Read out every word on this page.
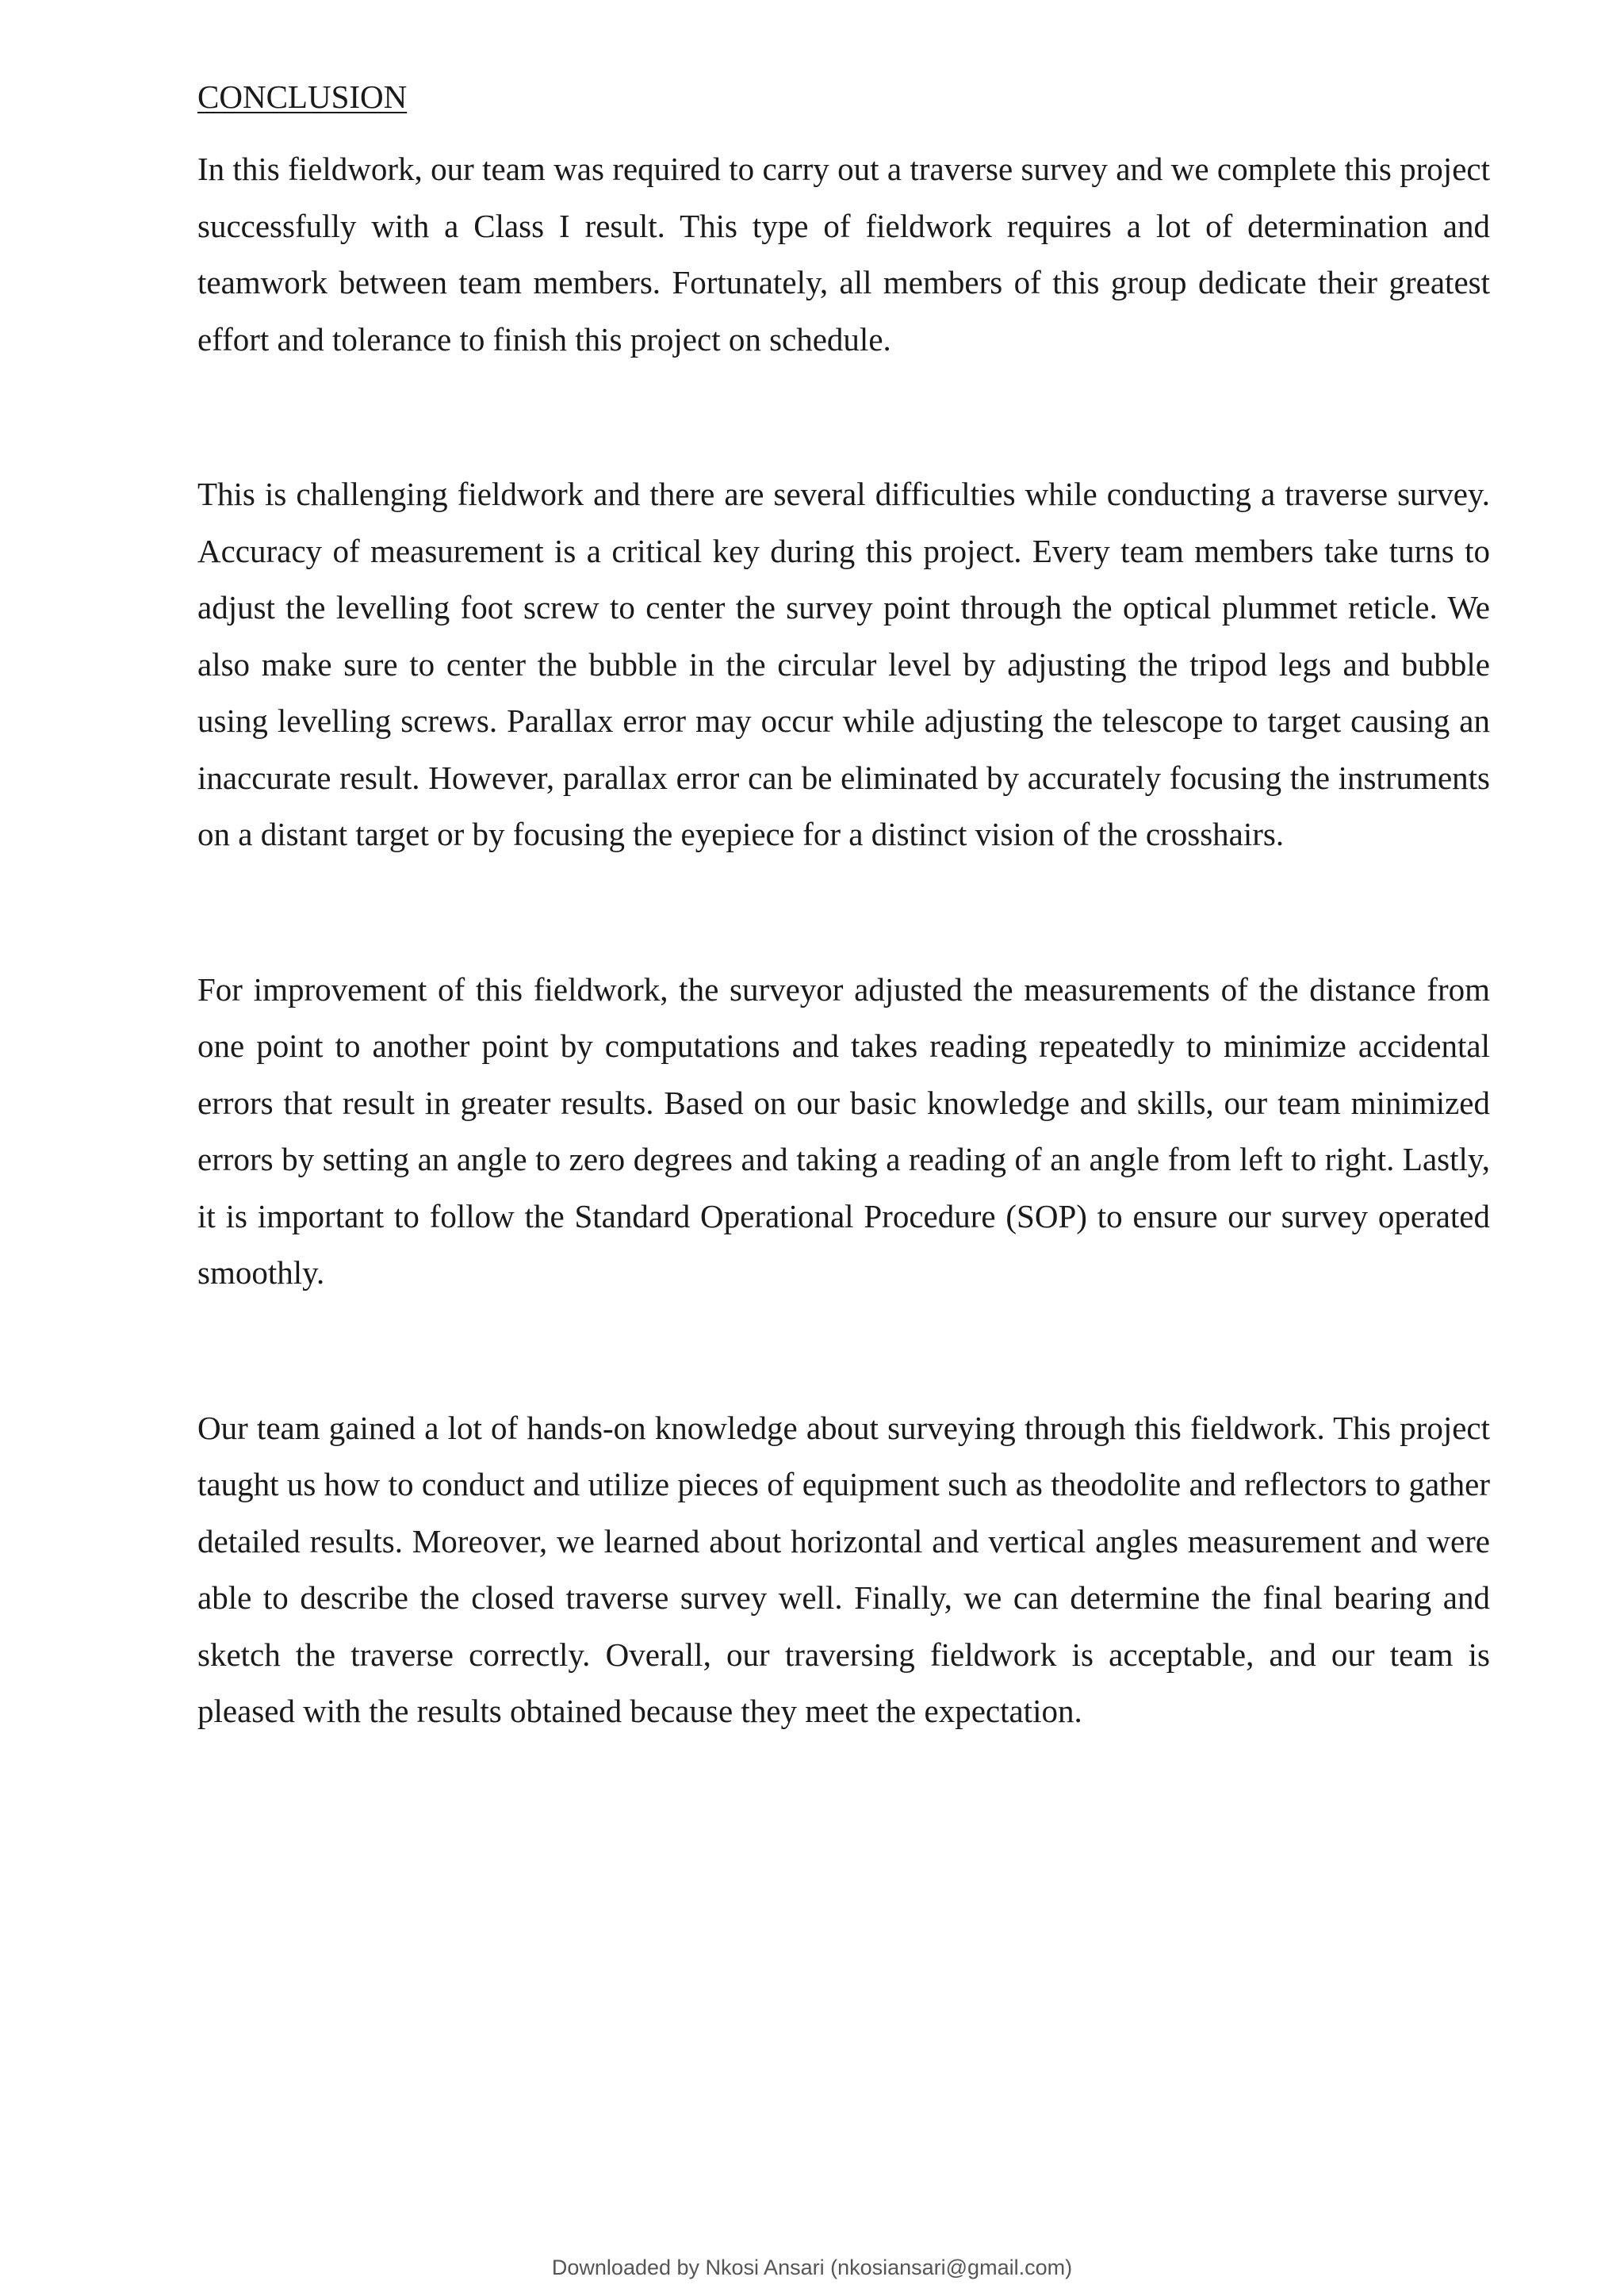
CONCLUSION

In this fieldwork, our team was required to carry out a traverse survey and we complete this project successfully with a Class I result. This type of fieldwork requires a lot of determination and teamwork between team members. Fortunately, all members of this group dedicate their greatest effort and tolerance to finish this project on schedule.

This is challenging fieldwork and there are several difficulties while conducting a traverse survey. Accuracy of measurement is a critical key during this project. Every team members take turns to adjust the levelling foot screw to center the survey point through the optical plummet reticle. We also make sure to center the bubble in the circular level by adjusting the tripod legs and bubble using levelling screws. Parallax error may occur while adjusting the telescope to target causing an inaccurate result. However, parallax error can be eliminated by accurately focusing the instruments on a distant target or by focusing the eyepiece for a distinct vision of the crosshairs.

For improvement of this fieldwork, the surveyor adjusted the measurements of the distance from one point to another point by computations and takes reading repeatedly to minimize accidental errors that result in greater results. Based on our basic knowledge and skills, our team minimized errors by setting an angle to zero degrees and taking a reading of an angle from left to right. Lastly, it is important to follow the Standard Operational Procedure (SOP) to ensure our survey operated smoothly.

Our team gained a lot of hands-on knowledge about surveying through this fieldwork. This project taught us how to conduct and utilize pieces of equipment such as theodolite and reflectors to gather detailed results. Moreover, we learned about horizontal and vertical angles measurement and were able to describe the closed traverse survey well. Finally, we can determine the final bearing and sketch the traverse correctly. Overall, our traversing fieldwork is acceptable, and our team is pleased with the results obtained because they meet the expectation.

Downloaded by Nkosi Ansari (nkosiansari@gmail.com)
